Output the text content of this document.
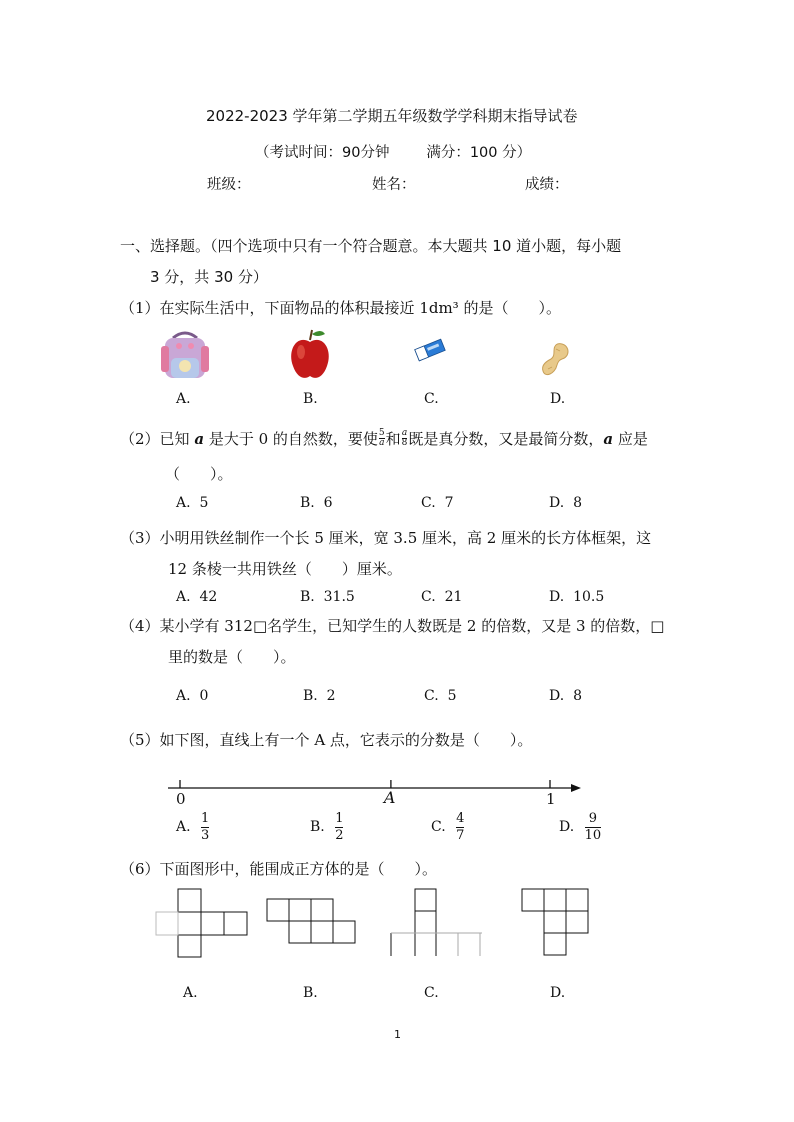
2022-2023 学年第二学期五年级数学学科期末指导试卷
（考试时间：90分钟        满分：100 分）
班级：	姓名：	成绩：
一、选择题。（四个选项中只有一个符合题意。本大题共 10 道小题，每小题
3 分，共 30 分）
（1）在实际生活中，下面物品的体积最接近 1dm³ 的是（　　）。
A.	B.	C.	D.
（2）已知 a 是大于 0 的自然数，要使 $\frac{5}{a}$ 和 $\frac{a}{8}$ 既是真分数，又是最简分数，a 应是
（　　）。
A.  5	B.  6	C.  7	D.  8
（3）小明用铁丝制作一个长 5 厘米，宽 3.5 厘米，高 2 厘米的长方体框架，这
12 条棱一共用铁丝（　　）厘米。
A.  42	B.  31.5	C.  21	D.  10.5
（4）某小学有 312□名学生，已知学生的人数既是 2 的倍数，又是 3 的倍数，□
里的数是（　　）。
A.  0	B.  2	C.  5	D.  8
（5）如下图，直线上有一个 A 点，它表示的分数是（　　）。
0	A	1
A. $\frac{1}{3}$	B. $\frac{1}{2}$	C. $\frac{4}{7}$	D. $\frac{9}{10}$
（6）下面图形中，能围成正方体的是（　　）。
A.	B.	C.	D.
1
